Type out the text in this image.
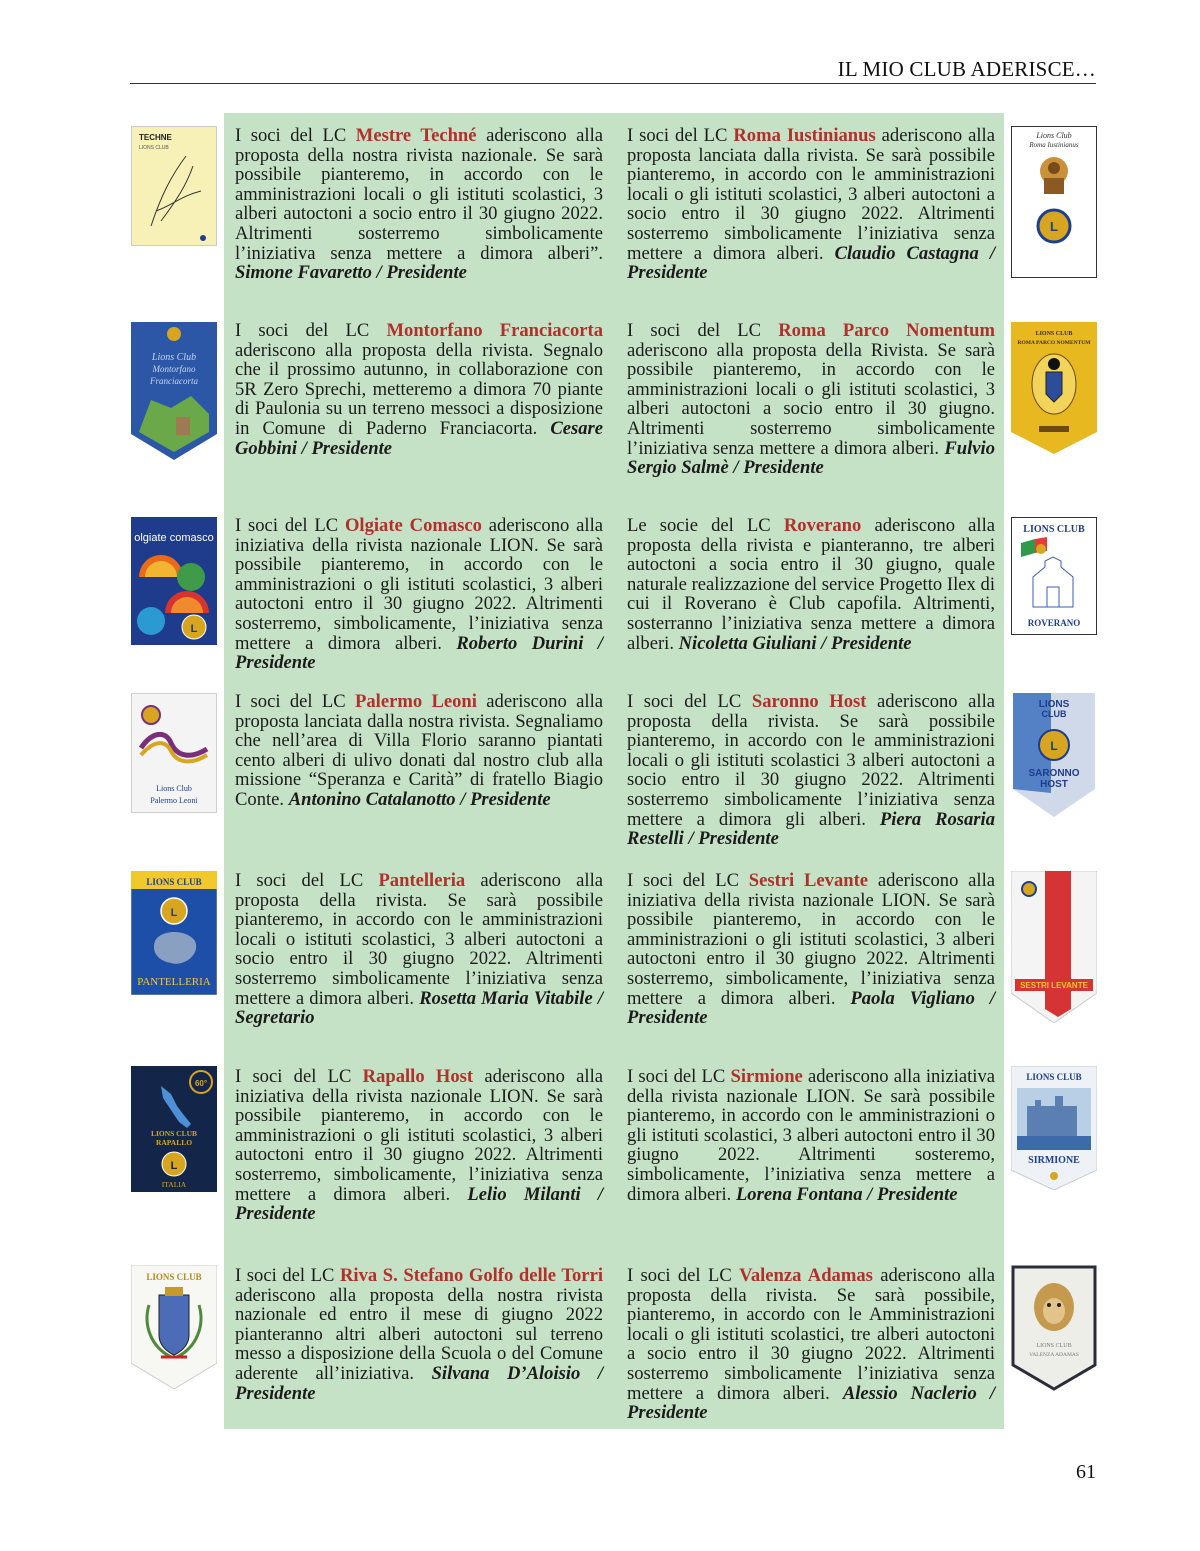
IL MIO CLUB ADERISCE…
TECHNE
LIONS CLUB
I soci del LC Mestre Techné aderiscono alla proposta della nostra rivista nazionale. Se sarà possibile pianteremo, in accordo con le amministrazioni locali o gli istituti scolastici, 3 alberi autoctoni a socio entro il 30 giugno 2022. Altrimenti sosterremo simbolicamente l’iniziativa senza mettere a dimora alberi”. Simone Favaretto / Presidente
I soci del LC Roma Iustinianus aderiscono alla proposta lanciata dalla rivista. Se sarà possibile pianteremo, in accordo con le amministrazioni locali o gli istituti scolastici, 3 alberi autoctoni a socio entro il 30 giugno 2022. Altrimenti sosterremo simbolicamente l’iniziativa senza mettere a dimora alberi. Claudio Castagna / Presidente
Lions Club
Roma Iustinianus
L
Lions Club
Montorfano
Franciacorta
I soci del LC Montorfano Franciacorta aderiscono alla proposta della rivista. Segnalo che il prossimo autunno, in collaborazione con 5R Zero Sprechi, metteremo a dimora 70 piante di Paulonia su un terreno messoci a disposizione in Comune di Paderno Franciacorta. Cesare Gobbini / Presidente
I soci del LC Roma Parco Nomentum aderiscono alla proposta della Rivista. Se sarà possibile pianteremo, in accordo con le amministrazioni locali o gli istituti scolastici, 3 alberi autoctoni a socio entro il 30 giugno. Altrimenti sosterremo simbolicamente l’iniziativa senza mettere a dimora alberi. Fulvio Sergio Salmè / Presidente
LIONS CLUB
ROMA PARCO NOMENTUM
olgiate comasco
L
I soci del LC Olgiate Comasco aderiscono alla iniziativa della rivista nazionale LION. Se sarà possibile pianteremo, in accordo con le amministrazioni o gli istituti scolastici, 3 alberi autoctoni entro il 30 giugno 2022. Altrimenti sosterremo, simbolicamente, l’iniziativa senza mettere a dimora alberi. Roberto Durini / Presidente
Le socie del LC Roverano aderiscono alla proposta della rivista e pianteranno, tre alberi autoctoni a socia entro il 30 giugno, quale naturale realizzazione del service Progetto Ilex di cui il Roverano è Club capofila. Altrimenti, sosterranno l’iniziativa senza mettere a dimora alberi. Nicoletta Giuliani / Presidente
LIONS CLUB
ROVERANO
Lions Club
Palermo Leoni
I soci del LC Palermo Leoni aderiscono alla proposta lanciata dalla nostra rivista. Segnaliamo che nell’area di Villa Florio saranno piantati cento alberi di ulivo donati dal nostro club alla missione “Speranza e Carità” di fratello Biagio Conte. Antonino Catalanotto / Presidente
I soci del LC Saronno Host aderiscono alla proposta della rivista. Se sarà possibile pianteremo, in accordo con le amministrazioni locali o gli istituti scolastici 3 alberi autoctoni a socio entro il 30 giugno 2022. Altrimenti sosterremo simbolicamente l’iniziativa senza mettere a dimora gli alberi. Piera Rosaria Restelli / Presidente
LIONS
CLUB
L
SARONNO
HOST
LIONS CLUB
L
PANTELLERIA
I soci del LC Pantelleria aderiscono alla proposta della rivista. Se sarà possibile pianteremo, in accordo con le amministrazioni locali o istituti scolastici, 3 alberi autoctoni a socio entro il 30 giugno 2022. Altrimenti sosterremo simbolicamente l’iniziativa senza mettere a dimora alberi. Rosetta Maria Vitabile / Segretario
I soci del LC Sestri Levante aderiscono alla iniziativa della rivista nazionale LION. Se sarà possibile pianteremo, in accordo con le amministrazioni o gli istituti scolastici, 3 alberi autoctoni entro il 30 giugno 2022. Altrimenti sosterremo, simbolicamente, l’iniziativa senza mettere a dimora alberi. Paola Vigliano / Presidente
SESTRI LEVANTE
60°
LIONS CLUB
RAPALLO
L
ITALIA
I soci del LC Rapallo Host aderiscono alla iniziativa della rivista nazionale LION. Se sarà possibile pianteremo, in accordo con le amministrazioni o gli istituti scolastici, 3 alberi autoctoni entro il 30 giugno 2022. Altrimenti sosterremo, simbolicamente, l’iniziativa senza mettere a dimora alberi. Lelio Milanti / Presidente
I soci del LC Sirmione aderiscono alla iniziativa della rivista nazionale LION. Se sarà possibile pianteremo, in accordo con le amministrazioni o gli istituti scolastici, 3 alberi autoctoni entro il 30 giugno 2022. Altrimenti sosteremo, simbolicamente, l’iniziativa senza mettere a dimora alberi. Lorena Fontana / Presidente
LIONS CLUB
SIRMIONE
LIONS CLUB I soci del LC Riva S. Stefano Golfo delle Torri aderiscono alla proposta della nostra rivista nazionale ed entro il mese di giugno 2022 pianteranno altri alberi autoctoni sul terreno messo a disposizione della Scuola o del Comune aderente all’iniziativa. Silvana D’Aloisio / Presidente
I soci del LC Valenza Adamas aderiscono alla proposta della rivista. Se sarà possibile, pianteremo, in accordo con le Amministrazioni locali o gli istituti scolastici, tre alberi autoctoni a socio entro il 30 giugno 2022. Altrimenti sosterremo simbolicamente l’iniziativa senza mettere a dimora alberi. Alessio Naclerio / Presidente
LIONS CLUB
VALENZA ADAMAS
61
